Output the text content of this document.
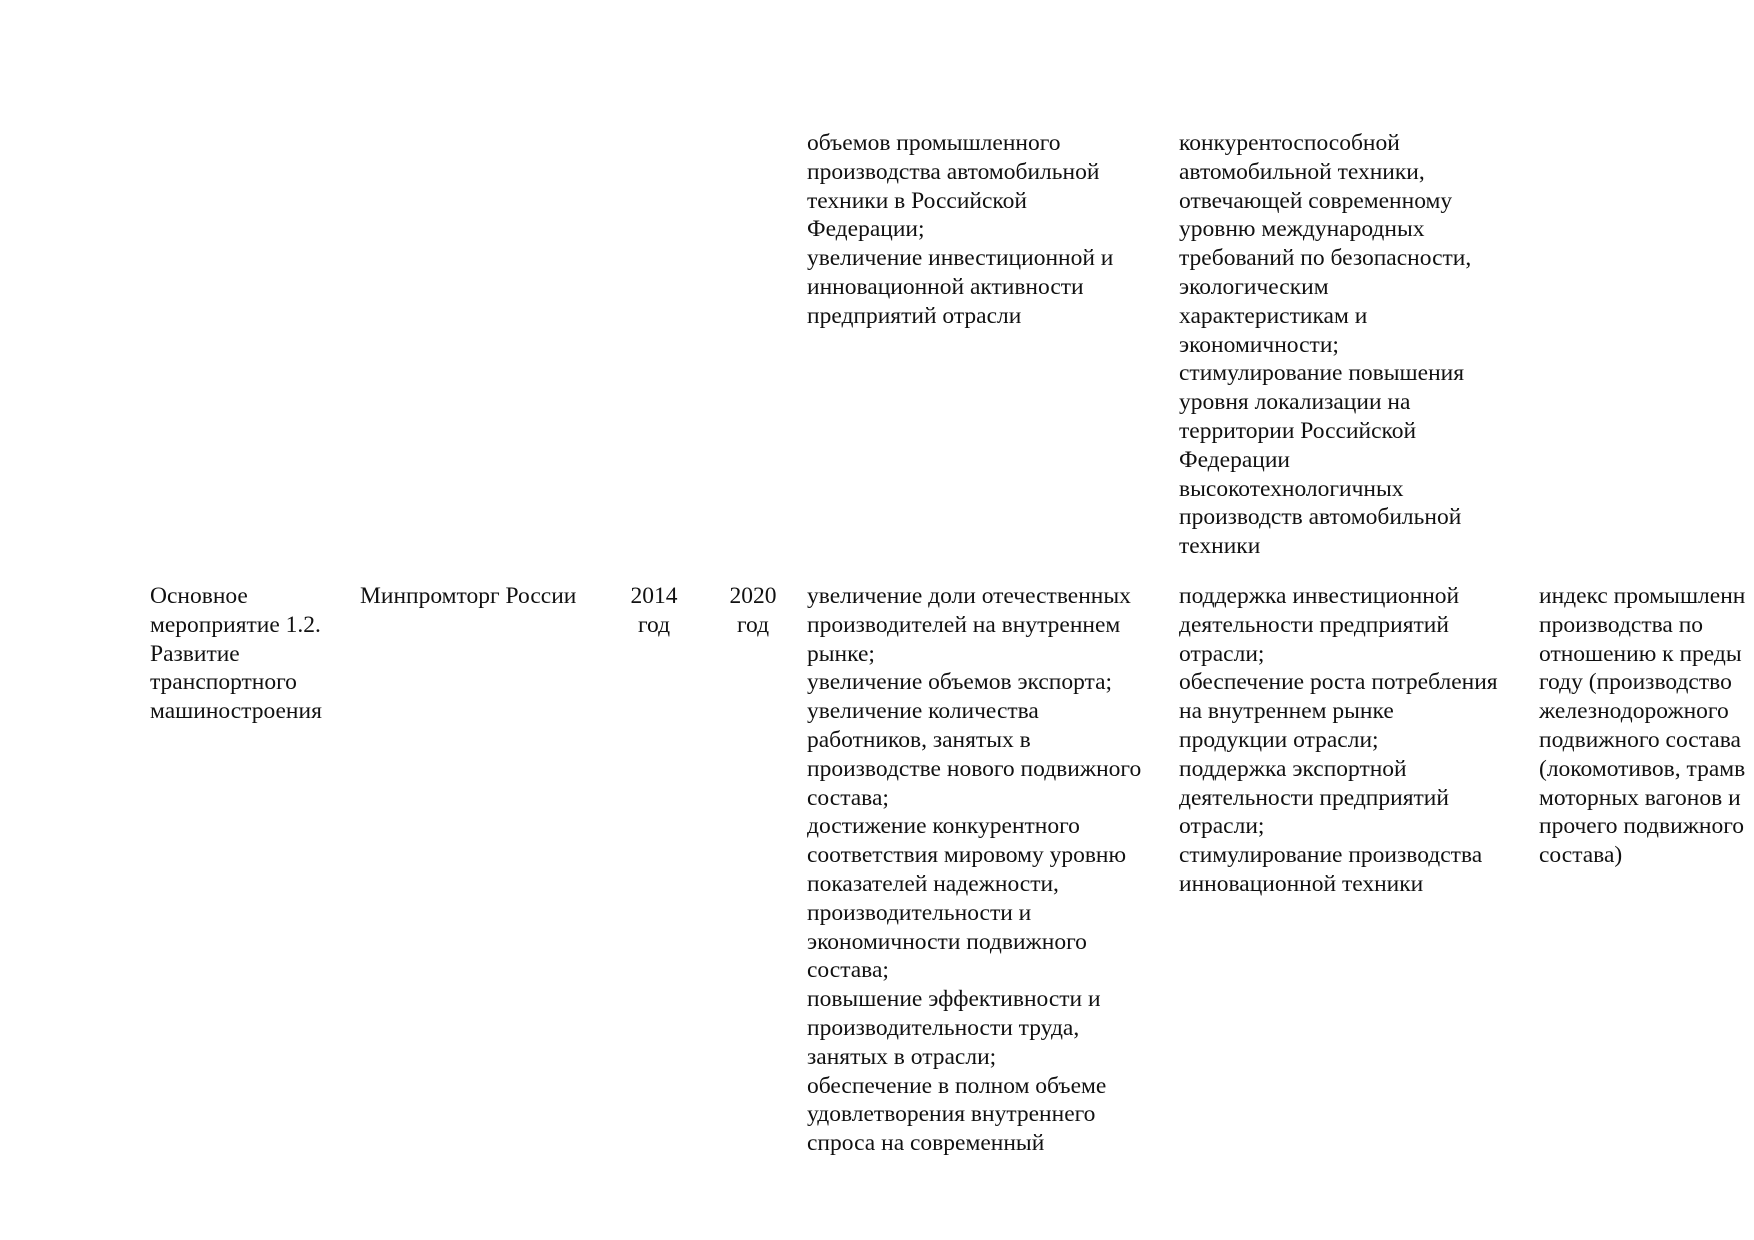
объемов промышленного
производства автомобильной
техники в Российской
Федерации;
увеличение инвестиционной и
инновационной активности
предприятий отрасли
конкурентоспособной
автомобильной техники,
отвечающей современному
уровню международных
требований по безопасности,
экологическим
характеристикам и
экономичности;
стимулирование повышения
уровня локализации на
территории Российской
Федерации
высокотехнологичных
производств автомобильной
техники
Основное
мероприятие 1.2.
Развитие
транспортного
машиностроения
Минпромторг России	2014
год
2020
год
увеличение доли отечественных
производителей на внутреннем
рынке;
увеличение объемов экспорта;
увеличение количества
работников, занятых в
производстве нового подвижного
состава;
достижение конкурентного
соответствия мировому уровню
показателей надежности,
производительности и
экономичности подвижного
состава;
повышение эффективности и
производительности труда,
занятых в отрасли;
обеспечение в полном объеме
удовлетворения внутреннего
спроса на современный
поддержка инвестиционной
деятельности предприятий
отрасли;
обеспечение роста потребления
на внутреннем рынке
продукции отрасли;
поддержка экспортной
деятельности предприятий
отрасли;
стимулирование производства
инновационной техники
индекс промышленн
производства по
отношению к преды
году (производство
железнодорожного
подвижного состава
(локомотивов, трамв
моторных вагонов и
прочего подвижного
состава)
